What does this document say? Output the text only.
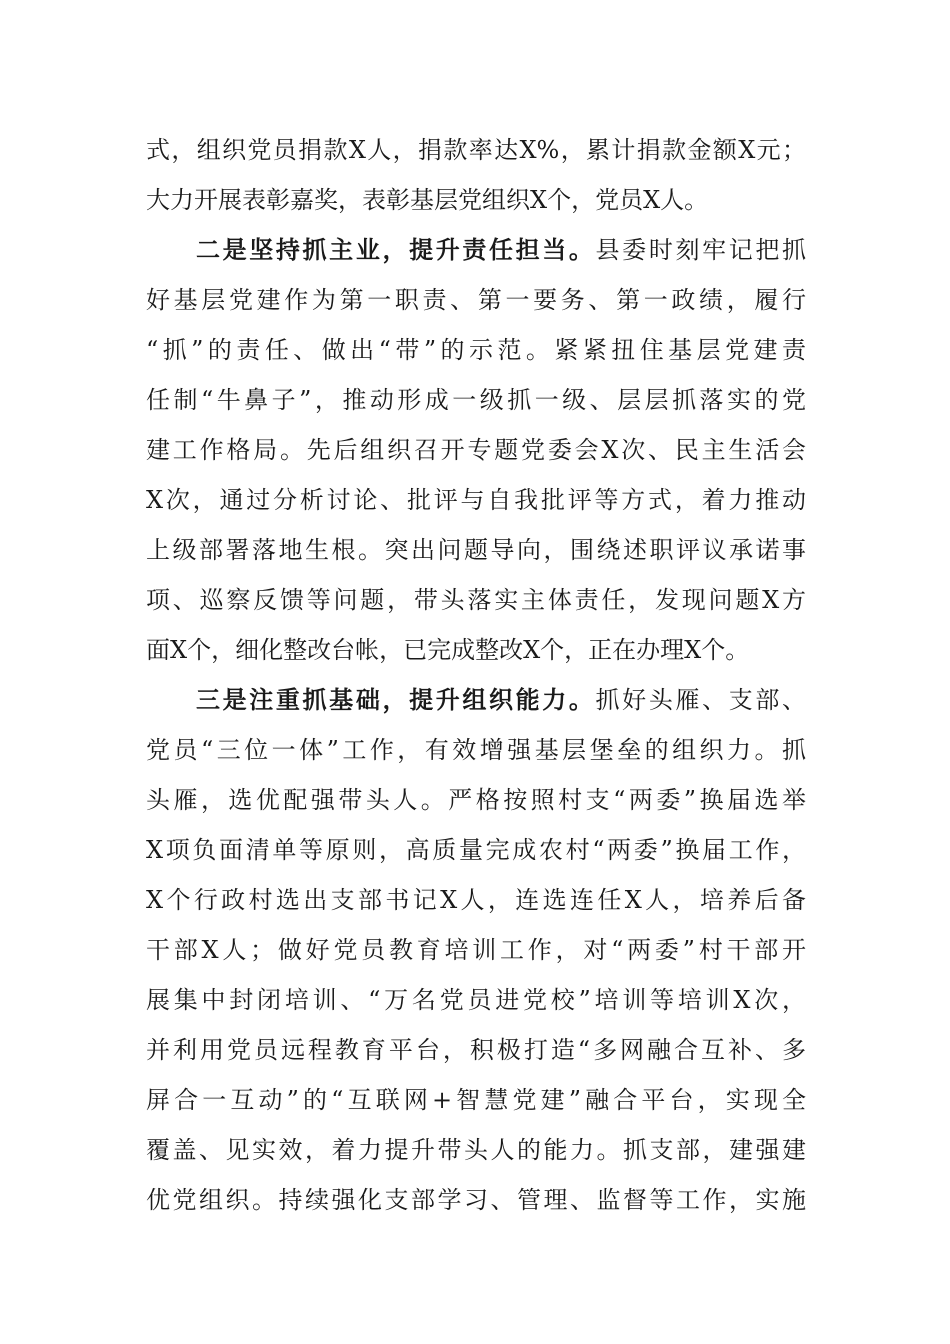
式，组织党员捐款X人，捐款率达X%，累计捐款金额X元；
大力开展表彰嘉奖，表彰基层党组织X个，党员X人。
二是坚持抓主业，提升责任担当。县委时刻牢记把抓
好基层党建作为第一职责、第一要务、第一政绩，履行
“抓”的责任、做出“带”的示范。紧紧扭住基层党建责
任制“牛鼻子”，推动形成一级抓一级、层层抓落实的党
建工作格局。先后组织召开专题党委会X次、民主生活会
X次，通过分析讨论、批评与自我批评等方式，着力推动
上级部署落地生根。突出问题导向，围绕述职评议承诺事
项、巡察反馈等问题，带头落实主体责任，发现问题X方
面X个，细化整改台帐，已完成整改X个，正在办理X个。
三是注重抓基础，提升组织能力。抓好头雁、支部、
党员“三位一体”工作，有效增强基层堡垒的组织力。抓
头雁，选优配强带头人。严格按照村支“两委”换届选举
X项负面清单等原则，高质量完成农村“两委”换届工作，
X个行政村选出支部书记X人，连选连任X人，培养后备
干部X人；做好党员教育培训工作，对“两委”村干部开
展集中封闭培训、“万名党员进党校”培训等培训X次，
并利用党员远程教育平台，积极打造“多网融合互补、多
屏合一互动”的“互联网+智慧党建”融合平台，实现全
覆盖、见实效，着力提升带头人的能力。抓支部，建强建
优党组织。持续强化支部学习、管理、监督等工作，实施
